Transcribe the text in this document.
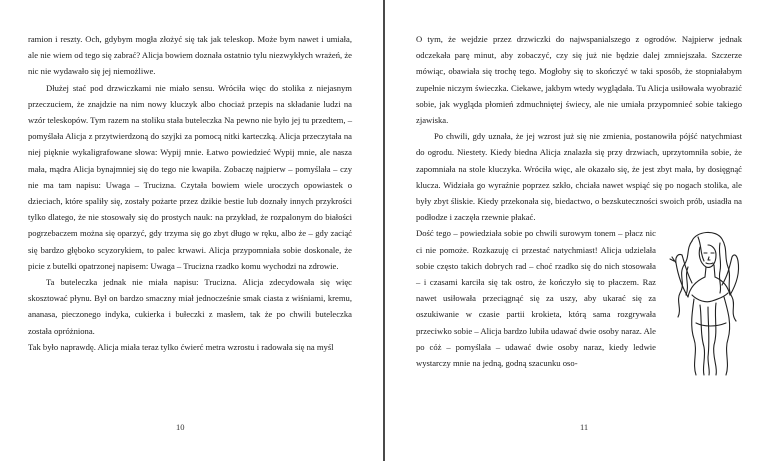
ramion i reszty. Och, gdybym mogła złożyć się tak jak teleskop. Może bym nawet i umiała, ale nie wiem od tego się zabrać? Alicja bowiem doznała ostatnio tylu niezwykłych wrażeń, że nic nie wydawało się jej niemożliwe.

Dłużej stać pod drzwiczkami nie miało sensu. Wróciła więc do stolika z niejasnym przeczuciem, że znajdzie na nim nowy kluczyk albo chociaż przepis na składanie ludzi na wzór teleskopów. Tym razem na stoliku stała buteleczka Na pewno nie było jej tu przedtem, – pomyślała Alicja z przytwierdzoną do szyjki za pomocą nitki karteczką. Alicja przeczytała na niej pięknie wykaligrafowane słowa: Wypij mnie. Łatwo powiedzieć Wypij mnie, ale nasza mała, mądra Alicja bynajmniej się do tego nie kwapiła. Zobaczę najpierw – pomyślała – czy nie ma tam napisu: Uwaga – Trucizna. Czytała bowiem wiele uroczych opowiastek o dzieciach, które spaliły się, zostały pożarte przez dzikie bestie lub doznały innych przykrości tylko dlatego, że nie stosowały się do prostych nauk: na przykład, że rozpalonym do białości pogrzebaczem można się oparzyć, gdy trzyma się go zbyt długo w ręku, albo że – gdy zaciąć się bardzo głęboko scyzorykiem, to palec krwawi. Alicja przypomniała sobie doskonale, że picie z butelki opatrzonej napisem: Uwaga – Trucizna rzadko komu wychodzi na zdrowie.

Ta buteleczka jednak nie miała napisu: Trucizna. Alicja zdecydowała się więc skosztować płynu. Był on bardzo smaczny miał jednocześnie smak ciasta z wiśniami, kremu, ananasa, pieczonego indyka, cukierka i bułeczki z masłem, tak że po chwili buteleczka została opróżniona.

Tak było naprawdę. Alicja miała teraz tylko ćwierć metra wzrostu i radowała się na myśl

10

O tym, że wejdzie przez drzwiczki do najwspanialszego z ogrodów. Najpierw jednak odczekała parę minut, aby zobaczyć, czy się już nie będzie dalej zmniejszała. Szczerze mówiąc, obawiała się trochę tego. Mogłoby się to skończyć w taki sposób, że stopniałabym zupełnie niczym świeczka. Ciekawe, jakbym wtedy wyglądała. Tu Alicja usiłowała wyobrazić sobie, jak wygląda płomień zdmuchniętej świecy, ale nie umiała przypomnieć sobie takiego zjawiska.

Po chwili, gdy uznała, że jej wzrost już się nie zmienia, postanowiła pójść natychmiast do ogrodu. Niestety. Kiedy biedna Alicja znalazła się przy drzwiach, uprzytomniła sobie, że zapomniała na stole kluczyka. Wróciła więc, ale okazało się, że jest zbyt mała, by dosięgnąć klucza. Widziała go wyraźnie poprzez szkło, chciała nawet wspiąć się po nogach stolika, ale były zbyt śliskie. Kiedy przekonała się, biedactwo, o bezskuteczności swoich prób, usiadła na podłodze i zaczęła rzewnie płakać.

Dość tego – powiedziała sobie po chwili surowym tonem – płacz nic ci nie pomoże. Rozkazuję ci przestać natychmiast! Alicja udzielała sobie często takich dobrych rad – choć rzadko się do nich stosowała – i czasami karciła się tak ostro, że kończyło się to płaczem. Raz nawet usiłowała przeciągnąć się za uszy, aby ukarać się za oszukiwanie w czasie partii krokieta, którą sama rozgrywała przeciwko sobie – Alicja bardzo lubiła udawać dwie osoby naraz. Ale po cóż – pomyślała – udawać dwie osoby naraz, kiedy ledwie wystarczy mnie na jedną, godną szacunku oso-

11
